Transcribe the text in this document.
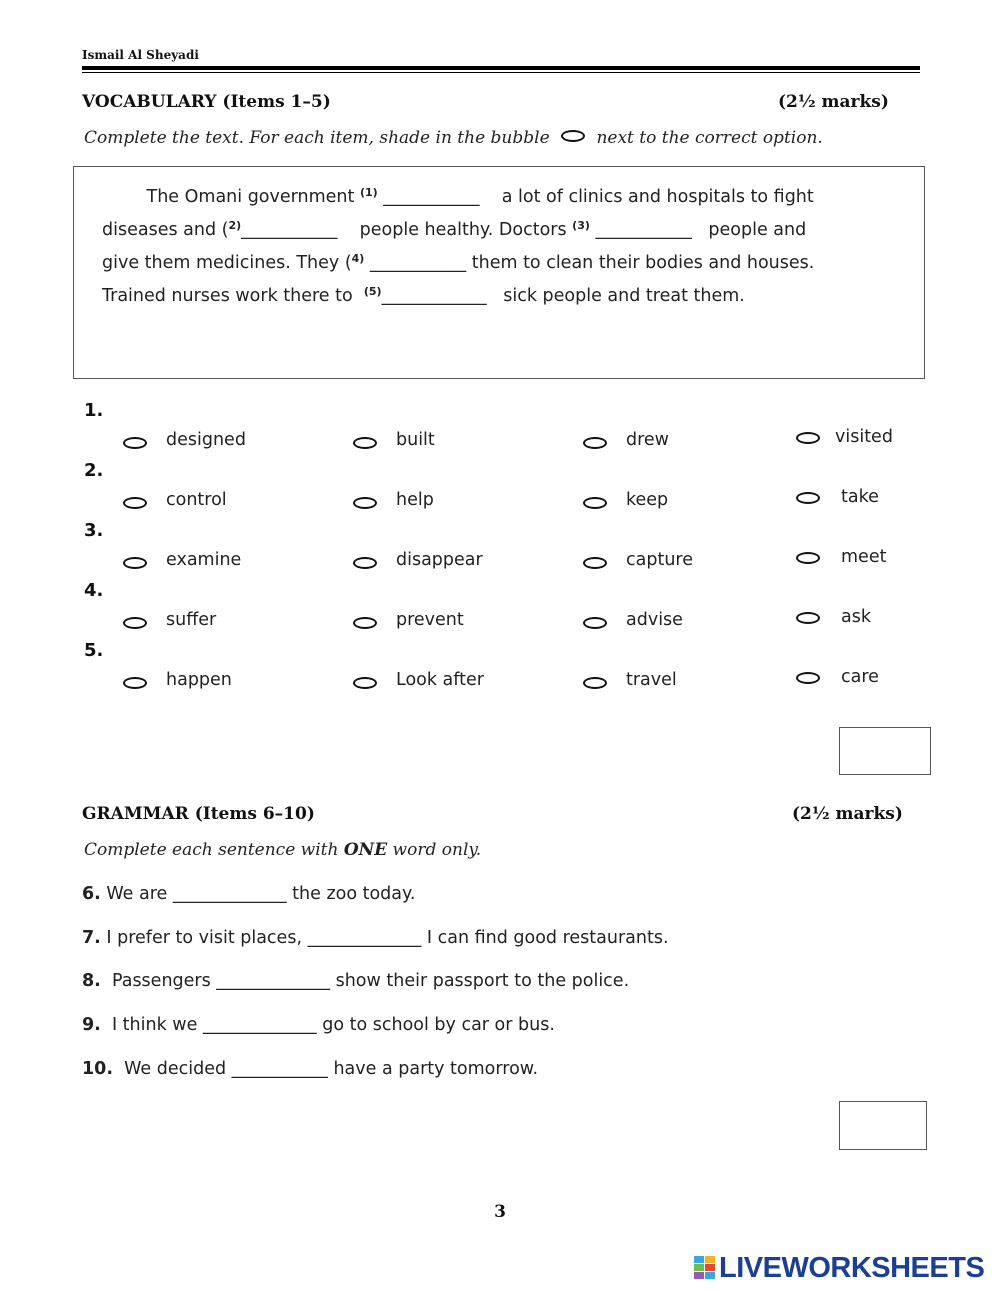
Ismail Al Sheyadi
VOCABULARY (Items 1–5)	(2½ marks)
Complete the text. For each item, shade in the bubble	next to the correct option.
The Omani government $^{(1)}$ ___________    a lot of clinics and hospitals to fight
diseases and ($^{2)}$___________    people healthy. Doctors $^{(3)}$ ___________   people and
give them medicines. They ($^{4)}$ ___________ them to clean their bodies and houses.
Trained nurses work there to  $^{(5)}$____________   sick people and treat them.
1.
designed	built	drew	visited
2.
control	help	keep	take
3.
examine	disappear	capture	meet
4.
suffer	prevent	advise	ask
5.
happen	Look after	travel	care
GRAMMAR (Items 6–10)	(2½ marks)
Complete each sentence with ONE word only.
6. We are _____________ the zoo today.
7. I prefer to visit places, _____________ I can find good restaurants.
8.  Passengers _____________ show their passport to the police.
9.  I think we _____________ go to school by car or bus.
10.  We decided ___________ have a party tomorrow.
3
LIVEWORKSHEETS
